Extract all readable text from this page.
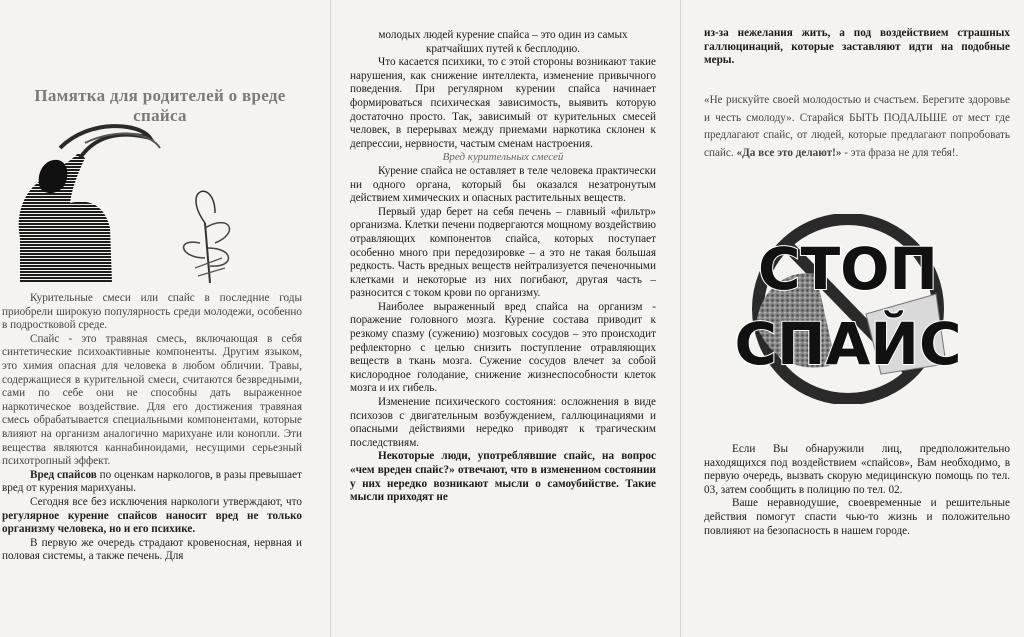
Памятка для родителей о вреде спайса

Курительные смеси или спайс в последние годы приобрели широкую популярность среди молодежи, особенно в подростковой среде.

Спайс - это травяная смесь, включающая в себя синтетические психоактивные компоненты. Другим языком, это химия опасная для человека в любом обличии. Травы, содержащиеся в курительной смеси, считаются безвредными, сами по себе они не способны дать выраженное наркотическое воздействие. Для его достижения травяная смесь обрабатывается специальными компонентами, которые влияют на организм аналогично марихуане или конопли. Эти вещества являются каннабиноидами, несущими серьезный психотропный эффект.

Вред спайсов по оценкам наркологов, в разы превышает вред от курения марихуаны.

Сегодня все без исключения наркологи утверждают, что регулярное курение спайсов наносит вред не только организму человека, но и его психике.

В первую же очередь страдают кровеносная, нервная и половая системы, а также печень. Для

молодых людей курение спайса – это один из самых кратчайших путей к бесплодию.

Что касается психики, то с этой стороны возникают такие нарушения, как снижение интеллекта, изменение привычного поведения. При регулярном курении спайса начинает формироваться психическая зависимость, выявить которую достаточно просто. Так, зависимый от курительных смесей человек, в перерывах между приемами наркотика склонен к депрессии, нервности, частым сменам настроения.

Вред курительных смесей

Курение спайса не оставляет в теле человека практически ни одного органа, который бы оказался незатронутым действием химических и опасных растительных веществ.

Первый удар берет на себя печень – главный «фильтр» организма. Клетки печени подвергаются мощному воздействию отравляющих компонентов спайса, которых поступает особенно много при передозировке – а это не такая большая редкость. Часть вредных веществ нейтрализуется печеночными клетками и некоторые из них погибают, другая часть – разносится с током крови по организму.

Наиболее выраженный вред спайса на организм - поражение головного мозга. Курение состава приводит к резкому спазму (сужению) мозговых сосудов – это происходит рефлекторно с целью снизить поступление отравляющих веществ в ткань мозга. Сужение сосудов влечет за собой кислородное голодание, снижение жизнеспособности клеток мозга и их гибель.

Изменение психического состояния: осложнения в виде психозов с двигательным возбуждением, галлюцинациями и опасными действиями нередко приводят к трагическим последствиям.

Некоторые люди, употреблявшие спайс, на вопрос «чем вреден спайс?» отвечают, что в измененном состоянии у них нередко возникают мысли о самоубийстве. Такие мысли приходят не

из-за нежелания жить, а под воздействием страшных галлюцинаций, которые заставляют идти на подобные меры.

«Не рискуйте своей молодостью и счастьем. Берегите здоровье и честь смолоду». Старайся БЫТЬ ПОДАЛЬШЕ от мест где предлагают спайс, от людей, которые предлагают попробовать спайс. «Да все это делают!» - эта фраза не для тебя!.

СТОП
СПАЙС

Если Вы обнаружили лиц, предположительно находящихся под воздействием «спайсов», Вам необходимо, в первую очередь, вызвать скорую медицинскую помощь по тел. 03, затем сообщить в полицию по тел. 02.

Ваше неравнодушие, своевременные и решительные действия помогут спасти чью-то жизнь и положительно повлияют на безопасность в нашем городе.
